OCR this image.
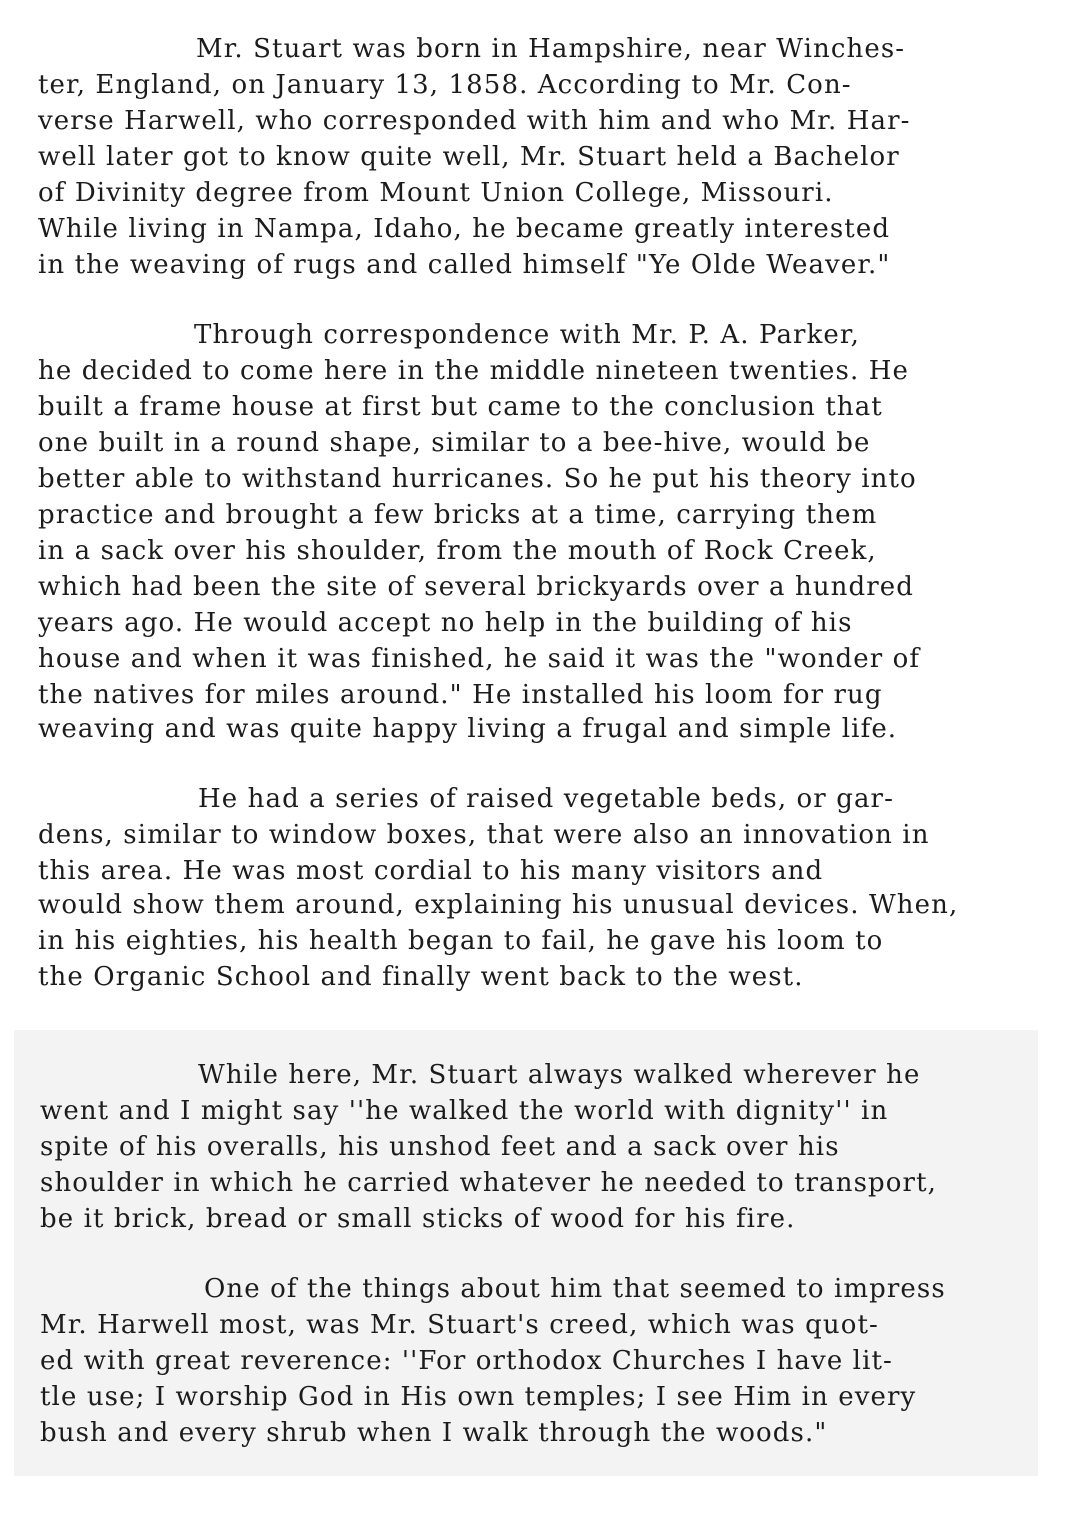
Mr. Stuart was born in Hampshire, near Winches-
ter, England, on January 13, 1858. According to Mr. Con-
verse Harwell, who corresponded with him and who Mr. Har-
well later got to know quite well, Mr. Stuart held a Bachelor
of Divinity degree from Mount Union College, Missouri.
While living in Nampa, Idaho, he became greatly interested
in the weaving of rugs and called himself "Ye Olde Weaver."
Through correspondence with Mr. P. A. Parker,
he decided to come here in the middle nineteen twenties. He
built a frame house at first but came to the conclusion that
one built in a round shape, similar to a bee-hive, would be
better able to withstand hurricanes. So he put his theory into
practice and brought a few bricks at a time, carrying them
in a sack over his shoulder, from the mouth of Rock Creek,
which had been the site of several brickyards over a hundred
years ago. He would accept no help in the building of his
house and when it was finished, he said it was the "wonder of
the natives for miles around." He installed his loom for rug
weaving and was quite happy living a frugal and simple life.
He had a series of raised vegetable beds, or gar-
dens, similar to window boxes, that were also an innovation in
this area. He was most cordial to his many visitors and
would show them around, explaining his unusual devices. When,
in his eighties, his health began to fail, he gave his loom to
the Organic School and finally went back to the west.
While here, Mr. Stuart always walked wherever he
went and I might say ''he walked the world with dignity'' in
spite of his overalls, his unshod feet and a sack over his
shoulder in which he carried whatever he needed to transport,
be it brick, bread or small sticks of wood for his fire.
One of the things about him that seemed to impress
Mr. Harwell most, was Mr. Stuart's creed, which was quot-
ed with great reverence: ''For orthodox Churches I have lit-
tle use; I worship God in His own temples; I see Him in every
bush and every shrub when I walk through the woods."
